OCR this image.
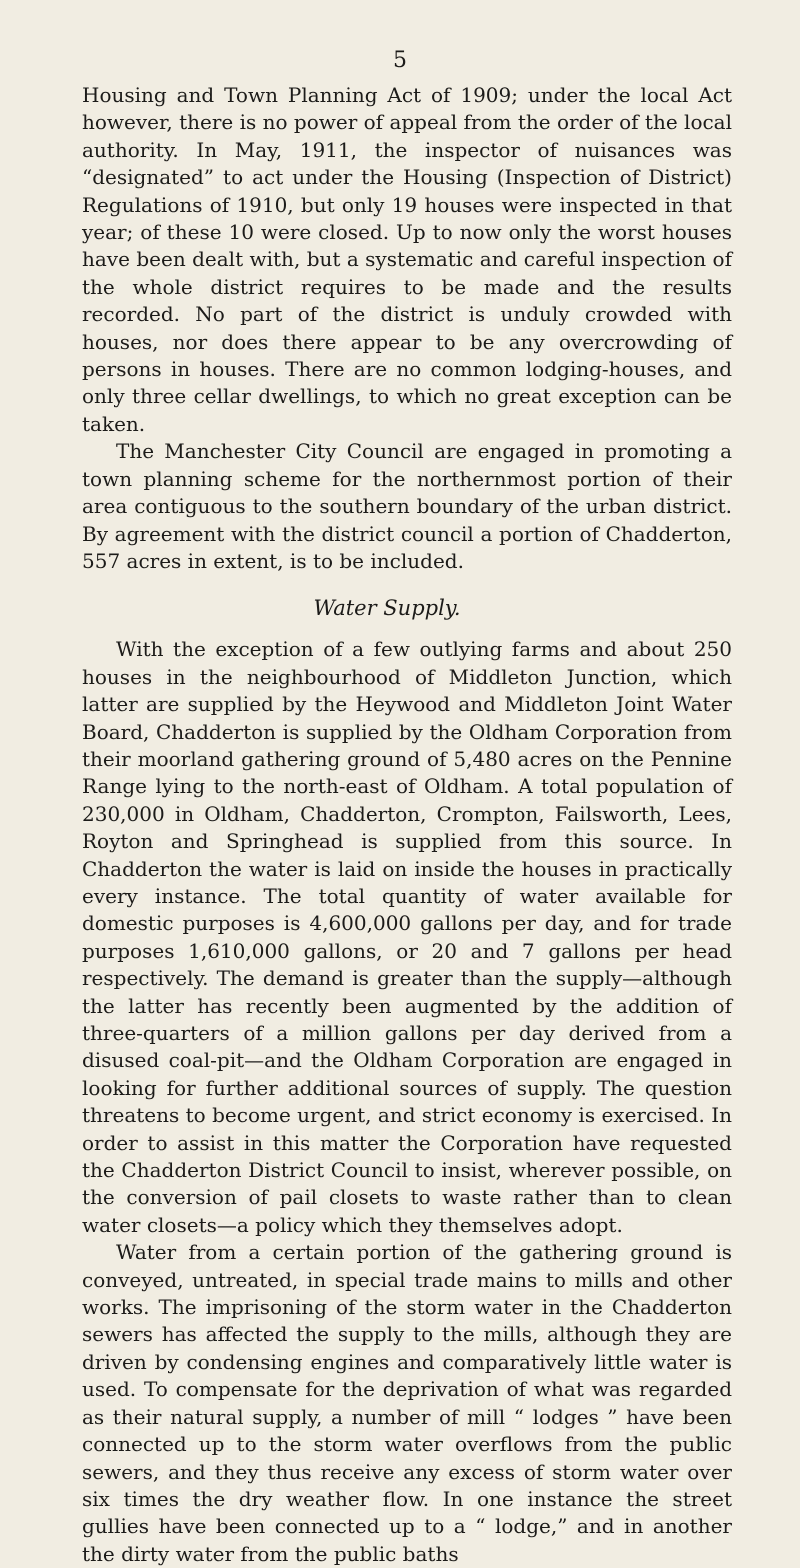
5

Housing and Town Planning Act of 1909; under the local Act however, there is no power of appeal from the order of the local authority. In May, 1911, the inspector of nuisances was “designated” to act under the Housing (Inspection of District) Regulations of 1910, but only 19 houses were inspected in that year; of these 10 were closed. Up to now only the worst houses have been dealt with, but a systematic and careful inspection of the whole district requires to be made and the results recorded. No part of the district is unduly crowded with houses, nor does there appear to be any overcrowding of persons in houses. There are no common lodging-houses, and only three cellar dwellings, to which no great exception can be taken.

The Manchester City Council are engaged in promoting a town planning scheme for the northernmost portion of their area contiguous to the southern boundary of the urban district. By agreement with the district council a portion of Chadderton, 557 acres in extent, is to be included.

Water Supply.

With the exception of a few outlying farms and about 250 houses in the neighbourhood of Middleton Junction, which latter are supplied by the Heywood and Middleton Joint Water Board, Chadderton is supplied by the Oldham Corporation from their moorland gathering ground of 5,480 acres on the Pennine Range lying to the north-east of Oldham. A total population of 230,000 in Oldham, Chadderton, Crompton, Failsworth, Lees, Royton and Springhead is supplied from this source. In Chadderton the water is laid on inside the houses in practically every instance. The total quantity of water available for domestic purposes is 4,600,000 gallons per day, and for trade purposes 1,610,000 gallons, or 20 and 7 gallons per head respectively. The demand is greater than the supply—although the latter has recently been augmented by the addition of three-quarters of a million gallons per day derived from a disused coal-pit—and the Oldham Corporation are engaged in looking for further additional sources of supply. The question threatens to become urgent, and strict economy is exercised. In order to assist in this matter the Corporation have requested the Chadderton District Council to insist, wherever possible, on the conversion of pail closets to waste rather than to clean water closets—a policy which they themselves adopt.

Water from a certain portion of the gathering ground is conveyed, untreated, in special trade mains to mills and other works. The imprisoning of the storm water in the Chadderton sewers has affected the supply to the mills, although they are driven by condensing engines and comparatively little water is used. To compensate for the deprivation of what was regarded as their natural supply, a number of mill “ lodges ” have been connected up to the storm water overflows from the public sewers, and they thus receive any excess of storm water over six times the dry weather flow. In one instance the street gullies have been connected up to a “ lodge,” and in another the dirty water from the public baths
